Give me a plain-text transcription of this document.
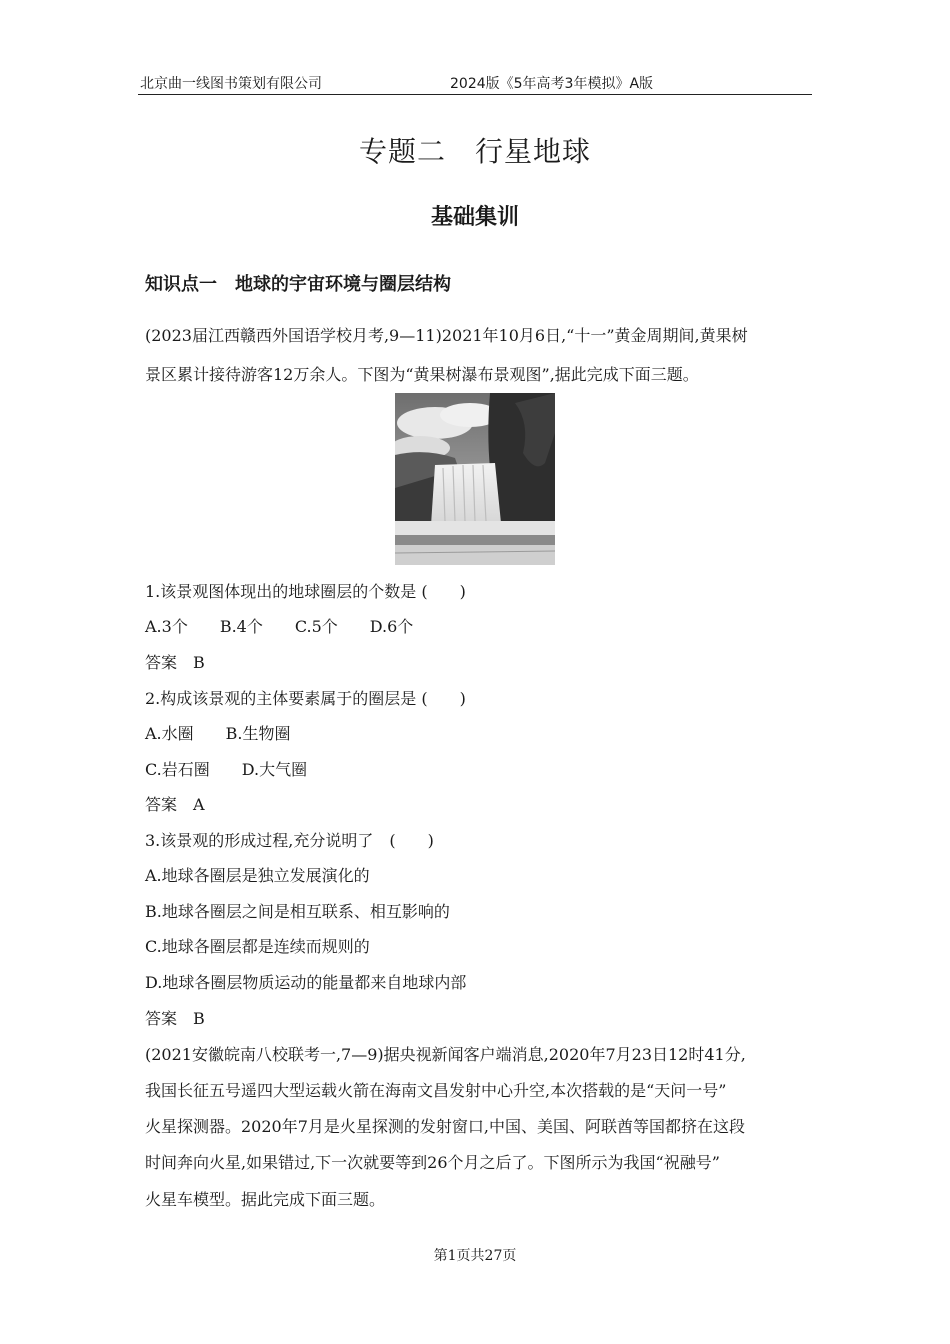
北京曲一线图书策划有限公司	2024版《5年高考3年模拟》A版
专题二　行星地球
基础集训
知识点一　地球的宇宙环境与圈层结构
(2023届江西赣西外国语学校月考,9—11)2021年10月6日,“十一”黄金周期间,黄果树
景区累计接待游客12万余人。下图为“黄果树瀑布景观图”,据此完成下面三题。
1.该景观图体现出的地球圈层的个数是 (　　)
A.3个　　B.4个　　C.5个　　D.6个
答案　B
2.构成该景观的主体要素属于的圈层是 (　　)
A.水圈　　B.生物圈
C.岩石圈　　D.大气圈
答案　A
3.该景观的形成过程,充分说明了　(　　)
A.地球各圈层是独立发展演化的
B.地球各圈层之间是相互联系、相互影响的
C.地球各圈层都是连续而规则的
D.地球各圈层物质运动的能量都来自地球内部
答案　B
(2021安徽皖南八校联考一,7—9)据央视新闻客户端消息,2020年7月23日12时41分,
我国长征五号遥四大型运载火箭在海南文昌发射中心升空,本次搭载的是“天问一号”
火星探测器。2020年7月是火星探测的发射窗口,中国、美国、阿联酋等国都挤在这段
时间奔向火星,如果错过,下一次就要等到26个月之后了。下图所示为我国“祝融号”
火星车模型。据此完成下面三题。
第1页共27页
